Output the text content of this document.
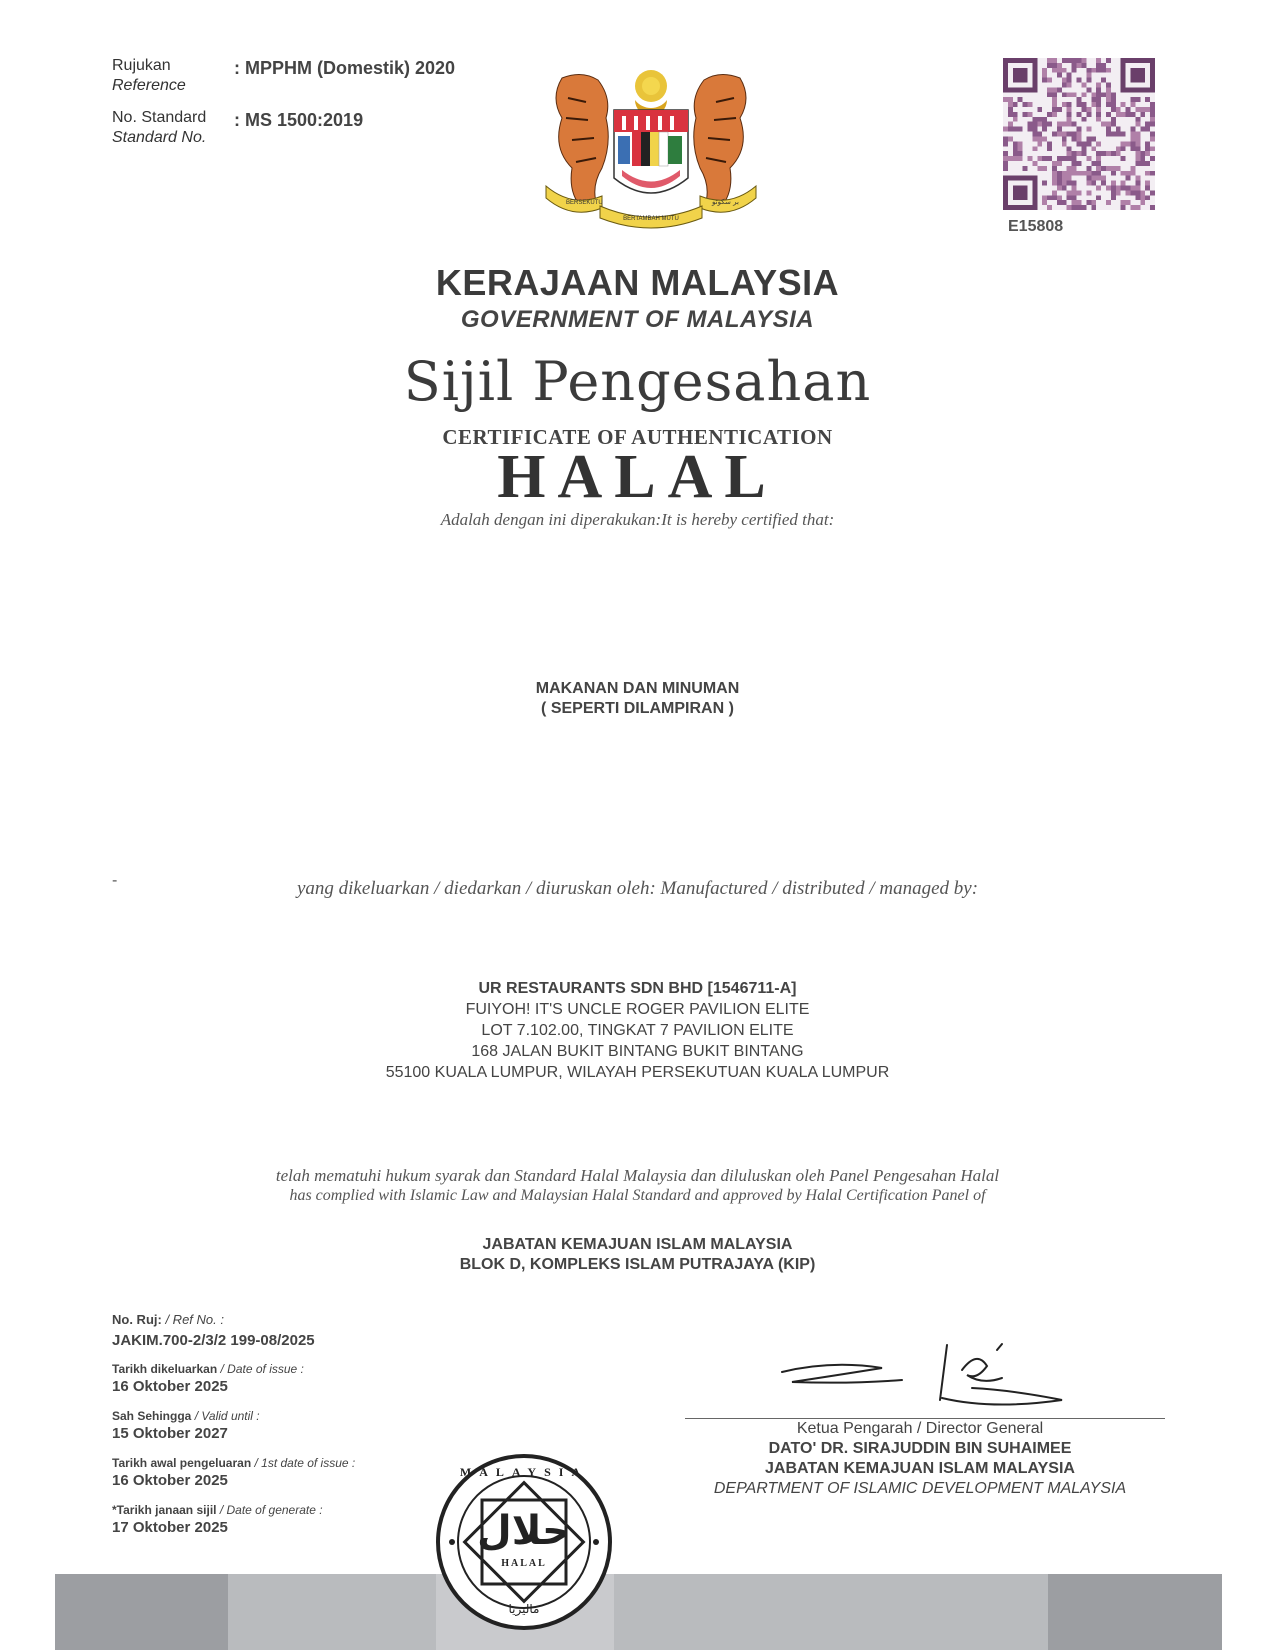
Rujukan
Reference
: MPPHM (Domestik) 2020
No. Standard
Standard No.
: MS 1500:2019
BERSEKUTU	بر سكوتو
BERTAMBAH MUTU	E15808
KERAJAAN MALAYSIA
GOVERNMENT OF MALAYSIA
Sijil Pengesahan
CERTIFICATE OF AUTHENTICATION
HALAL
Adalah dengan ini diperakukan:It is hereby certified that:
MAKANAN DAN MINUMAN
( SEPERTI DILAMPIRAN )
-	yang dikeluarkan / diedarkan / diuruskan oleh: Manufactured / distributed / managed by:
UR RESTAURANTS SDN BHD [1546711-A]
FUIYOH! IT'S UNCLE ROGER PAVILION ELITE
LOT 7.102.00, TINGKAT 7 PAVILION ELITE
168 JALAN BUKIT BINTANG BUKIT BINTANG
55100 KUALA LUMPUR, WILAYAH PERSEKUTUAN KUALA LUMPUR
telah mematuhi hukum syarak dan Standard Halal Malaysia dan diluluskan oleh Panel Pengesahan Halal
has complied with Islamic Law and Malaysian Halal Standard and approved by Halal Certification Panel of
JABATAN KEMAJUAN ISLAM MALAYSIA
BLOK D, KOMPLEKS ISLAM PUTRAJAYA (KIP)
No. Ruj: / Ref No. :
JAKIM.700-2/3/2 199-08/2025
Tarikh dikeluarkan / Date of issue :
16 Oktober 2025
Sah Sehingga / Valid until :
15 Oktober 2027
Tarikh awal pengeluaran / 1st date of issue :
16 Oktober 2025
*Tarikh janaan sijil / Date of generate :
17 Oktober 2025
Ketua Pengarah / Director General
DATO' DR. SIRAJUDDIN BIN SUHAIMEE
JABATAN KEMAJUAN ISLAM MALAYSIA
DEPARTMENT OF ISLAMIC DEVELOPMENT MALAYSIA
MALAYSIA
حلال
HALAL
ماليزيا
